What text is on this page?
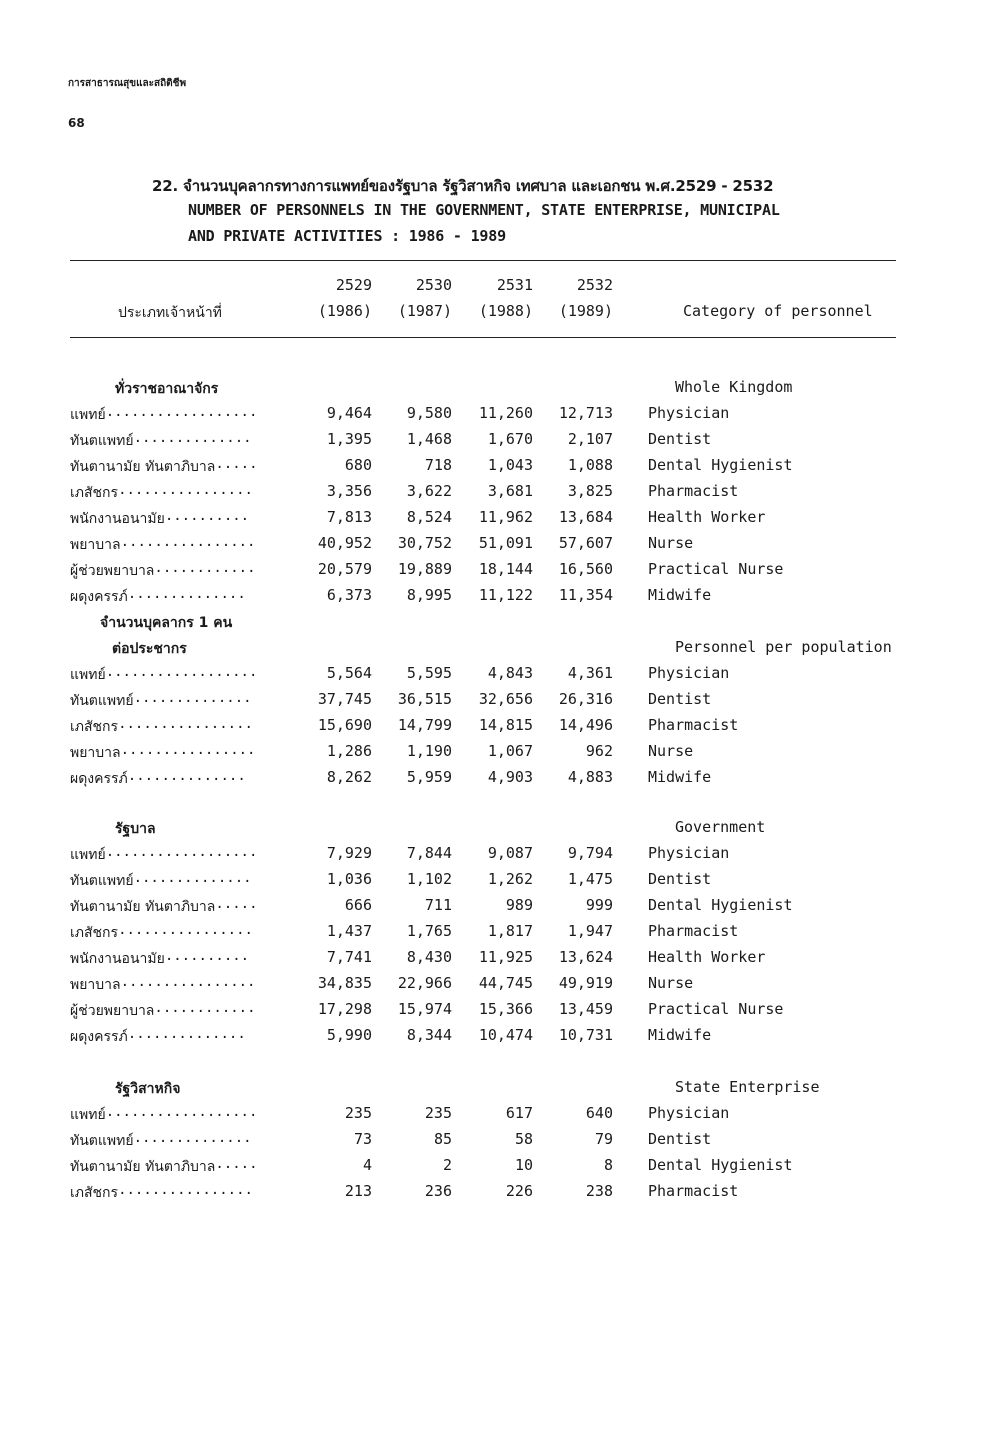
การสาธารณสุขและสถิติชีพ
68
22. จำนวนบุคลากรทางการแพทย์ของรัฐบาล รัฐวิสาหกิจ เทศบาล และเอกชน พ.ศ.2529 - 2532
NUMBER OF PERSONNELS IN THE GOVERNMENT, STATE ENTERPRISE, MUNICIPAL
AND PRIVATE ACTIVITIES : 1986 - 1989
ประเภทเจ้าหน้าที่
2529
(1986)
2530
(1987)
2531
(1988)
2532
(1989)	Category of personnel
ทั่วราชอาณาจักร	Whole Kingdom
แพทย์ ..................	9,464	9,580	11,260	12,713 Physician
ทันตแพทย์ ..............	1,395	1,468	1,670	2,107 Dentist
ทันตานามัย ทันตาภิบาล .....	680	718	1,043	1,088 Dental Hygienist
เภสัชกร ................	3,356	3,622	3,681	3,825 Pharmacist
พนักงานอนามัย ..........	7,813	8,524	11,962	13,684 Health Worker
พยาบาล ................	40,952	30,752	51,091	57,607 Nurse
ผู้ช่วยพยาบาล ............	20,579	19,889	18,144	16,560 Practical Nurse
ผดุงครรภ์ ..............	6,373	8,995	11,122	11,354 Midwife
จำนวนบุคลากร 1 คน
ต่อประชากร	Personnel per population
แพทย์ ..................	5,564	5,595	4,843	4,361 Physician
ทันตแพทย์ ..............	37,745	36,515	32,656	26,316 Dentist
เภสัชกร ................	15,690	14,799	14,815	14,496 Pharmacist
พยาบาล ................	1,286	1,190	1,067	962 Nurse
ผดุงครรภ์ ..............	8,262	5,959	4,903	4,883 Midwife
รัฐบาล	Government
แพทย์ ..................	7,929	7,844	9,087	9,794 Physician
ทันตแพทย์ ..............	1,036	1,102	1,262	1,475 Dentist
ทันตานามัย ทันตาภิบาล .....	666	711	989	999 Dental Hygienist
เภสัชกร ................	1,437	1,765	1,817	1,947 Pharmacist
พนักงานอนามัย ..........	7,741	8,430	11,925	13,624 Health Worker
พยาบาล ................	34,835	22,966	44,745	49,919 Nurse
ผู้ช่วยพยาบาล ............	17,298	15,974	15,366	13,459 Practical Nurse
ผดุงครรภ์ ..............	5,990	8,344	10,474	10,731 Midwife
รัฐวิสาหกิจ	State Enterprise
แพทย์ ..................	235	235	617	640 Physician
ทันตแพทย์ ..............	73	85	58	79 Dentist
ทันตานามัย ทันตาภิบาล .....	4	2	10	8 Dental Hygienist
เภสัชกร ................	213	236	226	238 Pharmacist
